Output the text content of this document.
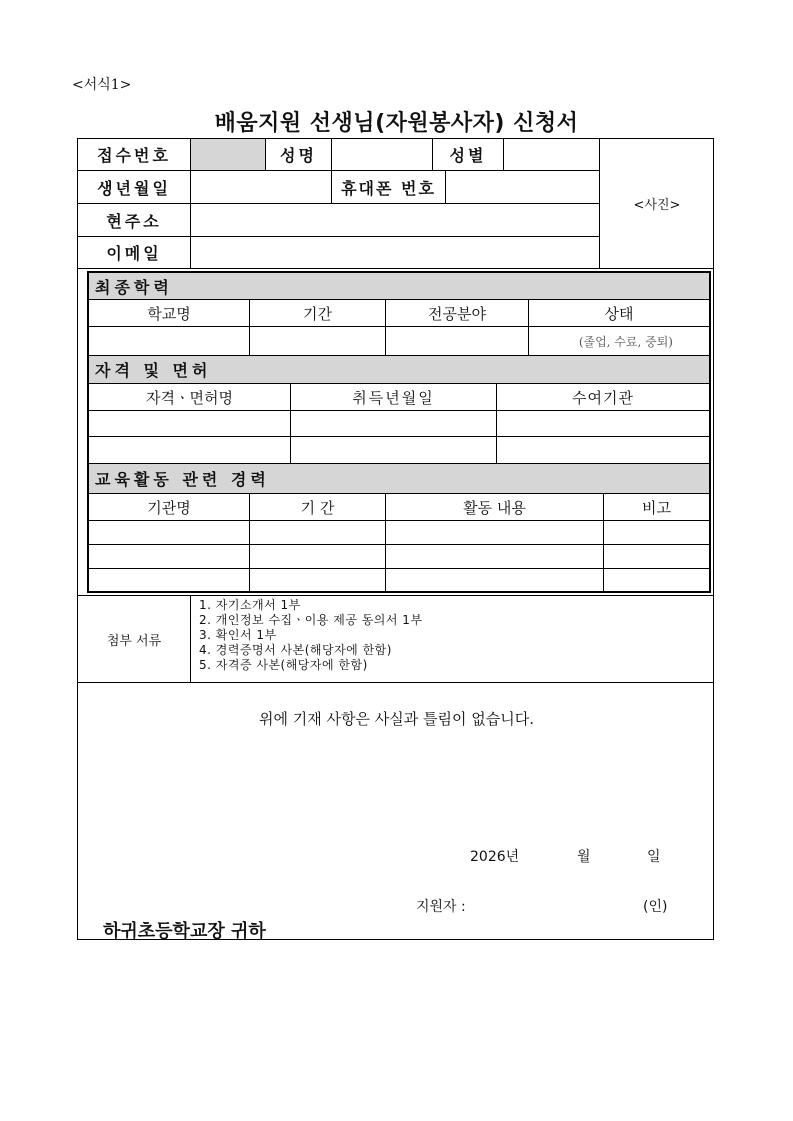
<서식1>
배움지원 선생님(자원봉사자) 신청서
접수번호	성명	성별
생년월일	휴대폰 번호
현주소
이메일
<사진>
최종학력
학교명	기간	전공분야	상태
(졸업, 수료, 중퇴)
자격 및 면허
자격ㆍ면허명	취득년월일	수여기관
교육활동 관련 경력
기관명	기 간	활동 내용	비고
첨부 서류
1. 자기소개서 1부
2. 개인정보 수집ㆍ이용 제공 동의서 1부
3. 확인서 1부
4. 경력증명서 사본(해당자에 한함)
5. 자격증 사본(해당자에 한함)
위에 기재 사항은 사실과 틀림이 없습니다.
2026년	월	일
지원자 :	(인)
하귀초등학교장 귀하
